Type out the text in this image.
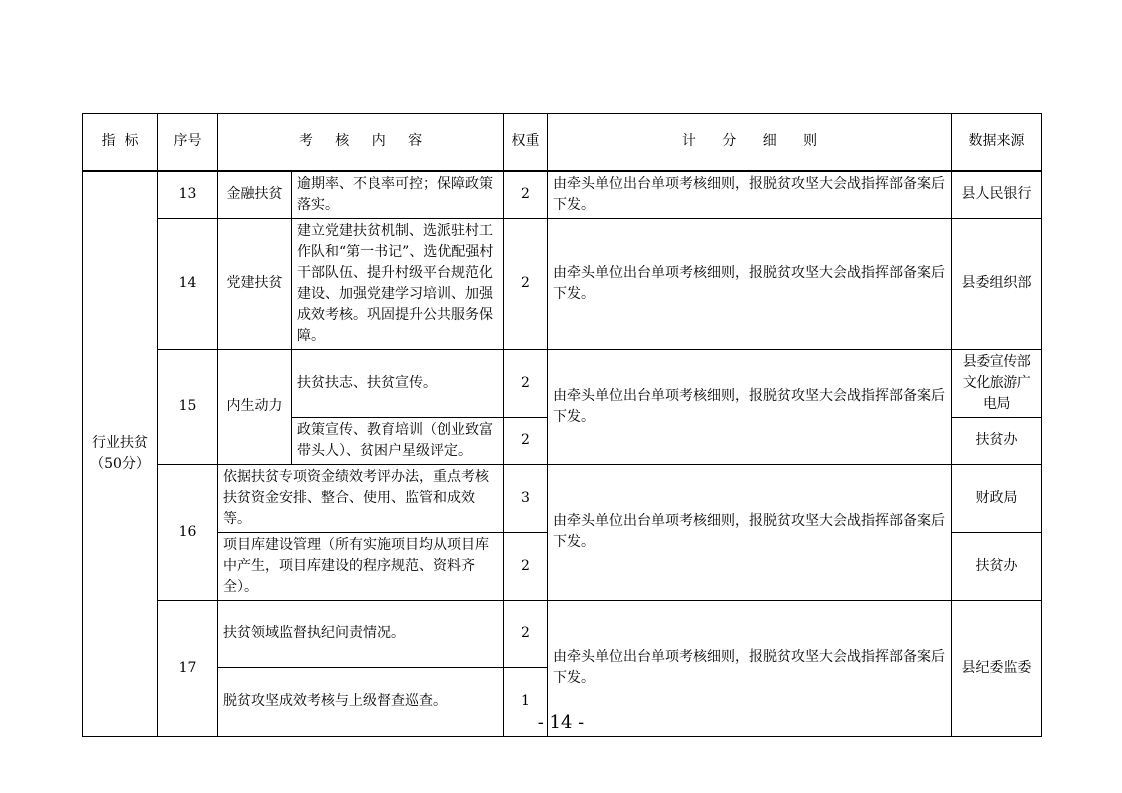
指  标	序号	考 核 内 容		权重	计 分 细 则	数据来源

行业扶贫
（50分）	13	金融扶贫	逾期率、不良率可控；保障政策落实。	2	由牵头单位出台单项考核细则，报脱贫攻坚大会战指挥部备案后下发。	县人民银行
	14	党建扶贫	建立党建扶贫机制、选派驻村工作队和“第一书记”、选优配强村干部队伍、提升村级平台规范化建设、加强党建学习培训、加强成效考核。巩固提升公共服务保障。	2	由牵头单位出台单项考核细则，报脱贫攻坚大会战指挥部备案后下发。	县委组织部
	15	内生动力	扶贫扶志、扶贫宣传。	2	由牵头单位出台单项考核细则，报脱贫攻坚大会战指挥部备案后下发。	县委宣传部 文化旅游广电局
			政策宣传、教育培训（创业致富带头人）、贫困户星级评定。	2		扶贫办
	16	依据扶贫专项资金绩效考评办法，重点考核扶贫资金安排、整合、使用、监管和成效等。		3	由牵头单位出台单项考核细则，报脱贫攻坚大会战指挥部备案后下发。	财政局
		项目库建设管理（所有实施项目均从项目库中产生，项目库建设的程序规范、资料齐全）。		2		扶贫办
	17	扶贫领域监督执纪问责情况。		2	由牵头单位出台单项考核细则，报脱贫攻坚大会战指挥部备案后下发。	县纪委监委
		脱贫攻坚成效考核与上级督查巡查。		1		
- 14 -
